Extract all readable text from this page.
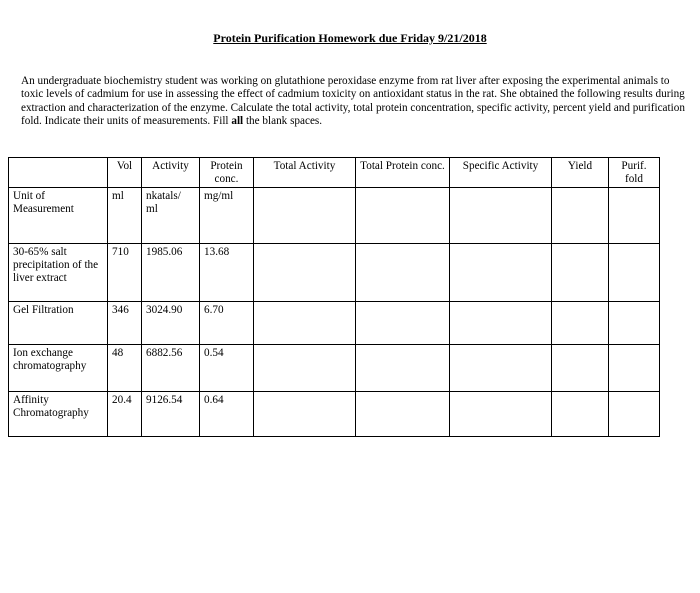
Protein Purification Homework due Friday 9/21/2018
An undergraduate biochemistry student was working on glutathione peroxidase enzyme from rat liver after exposing the experimental animals to toxic levels of cadmium for use in assessing the effect of cadmium toxicity on antioxidant status in the rat. She obtained the following results during extraction and characterization of the enzyme. Calculate the total activity, total protein concentration, specific activity, percent yield and purification fold. Indicate their units of measurements. Fill all the blank spaces.
	Vol	Activity	Protein conc.	Total Activity	Total Protein conc.	Specific Activity	Yield	Purif. fold
Unit of Measurement	ml	nkatals/ ml	mg/ml					
30-65% salt precipitation of the liver extract	710	1985.06	13.68					
Gel Filtration	346	3024.90	6.70					
Ion exchange chromatography	48	6882.56	0.54					
Affinity Chromatography	20.4	9126.54	0.64					
